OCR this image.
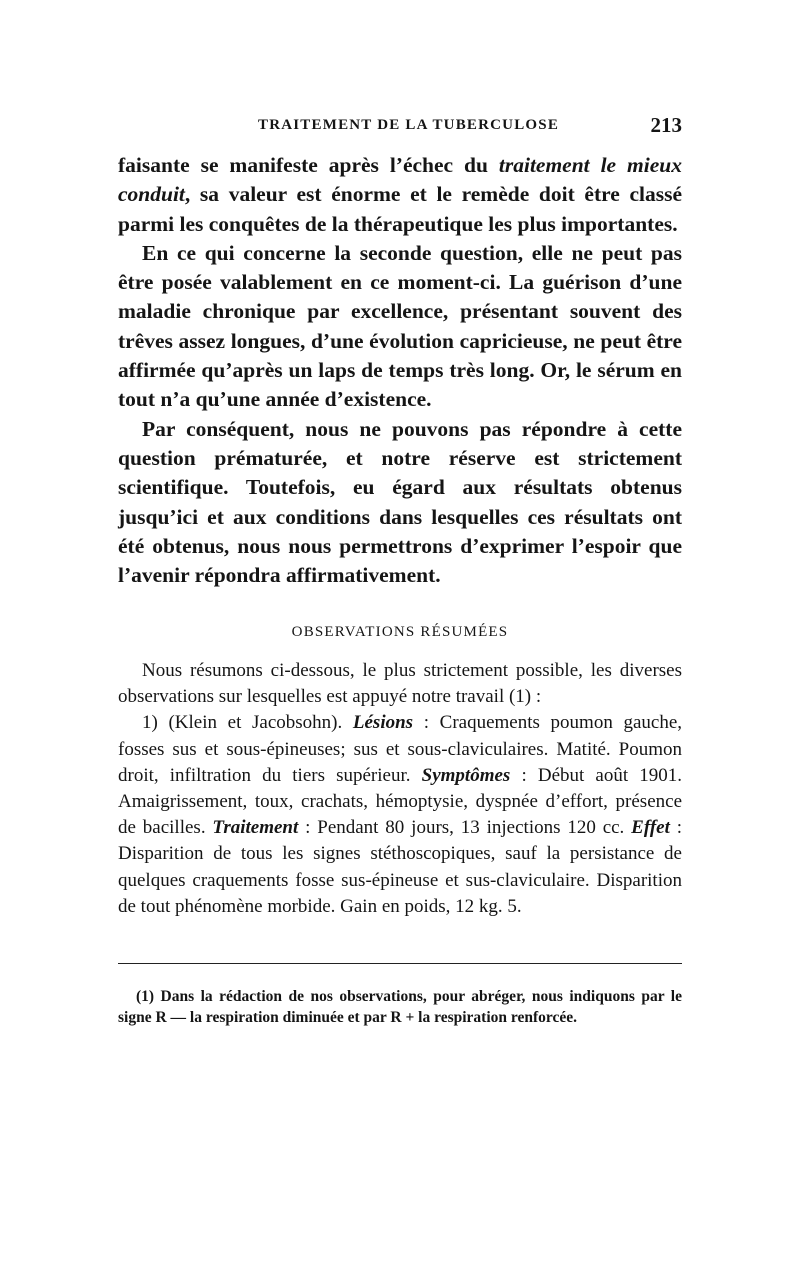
TRAITEMENT DE LA TUBERCULOSE	213

faisante se manifeste après l’échec du traitement le mieux conduit, sa valeur est énorme et le remède doit être classé parmi les conquêtes de la thérapeutique les plus importantes.

En ce qui concerne la seconde question, elle ne peut pas être posée valablement en ce moment-ci. La guérison d’une maladie chronique par excellence, présentant souvent des trêves assez longues, d’une évolution capricieuse, ne peut être affirmée qu’après un laps de temps très long. Or, le sérum en tout n’a qu’une année d’existence.

Par conséquent, nous ne pouvons pas répondre à cette question prématurée, et notre réserve est strictement scientifique. Toutefois, eu égard aux résultats obtenus jusqu’ici et aux conditions dans lesquelles ces résultats ont été obtenus, nous nous permettrons d’exprimer l’espoir que l’avenir répondra affirmativement.

OBSERVATIONS RÉSUMÉES

Nous résumons ci-dessous, le plus strictement possible, les diverses observations sur lesquelles est appuyé notre travail (1) :

1) (Klein et Jacobsohn). Lésions : Craquements poumon gauche, fosses sus et sous-épineuses; sus et sous-claviculaires. Matité. Poumon droit, infiltration du tiers supérieur. Symptômes : Début août 1901. Amaigrissement, toux, crachats, hémoptysie, dyspnée d’effort, présence de bacilles. Traitement : Pendant 80 jours, 13 injections 120 cc. Effet : Disparition de tous les signes stéthoscopiques, sauf la persistance de quelques craquements fosse sus-épineuse et sus-claviculaire. Disparition de tout phénomène morbide. Gain en poids, 12 kg. 5.

(1) Dans la rédaction de nos observations, pour abréger, nous indiquons par le signe R — la respiration diminuée et par R + la respiration renforcée.
